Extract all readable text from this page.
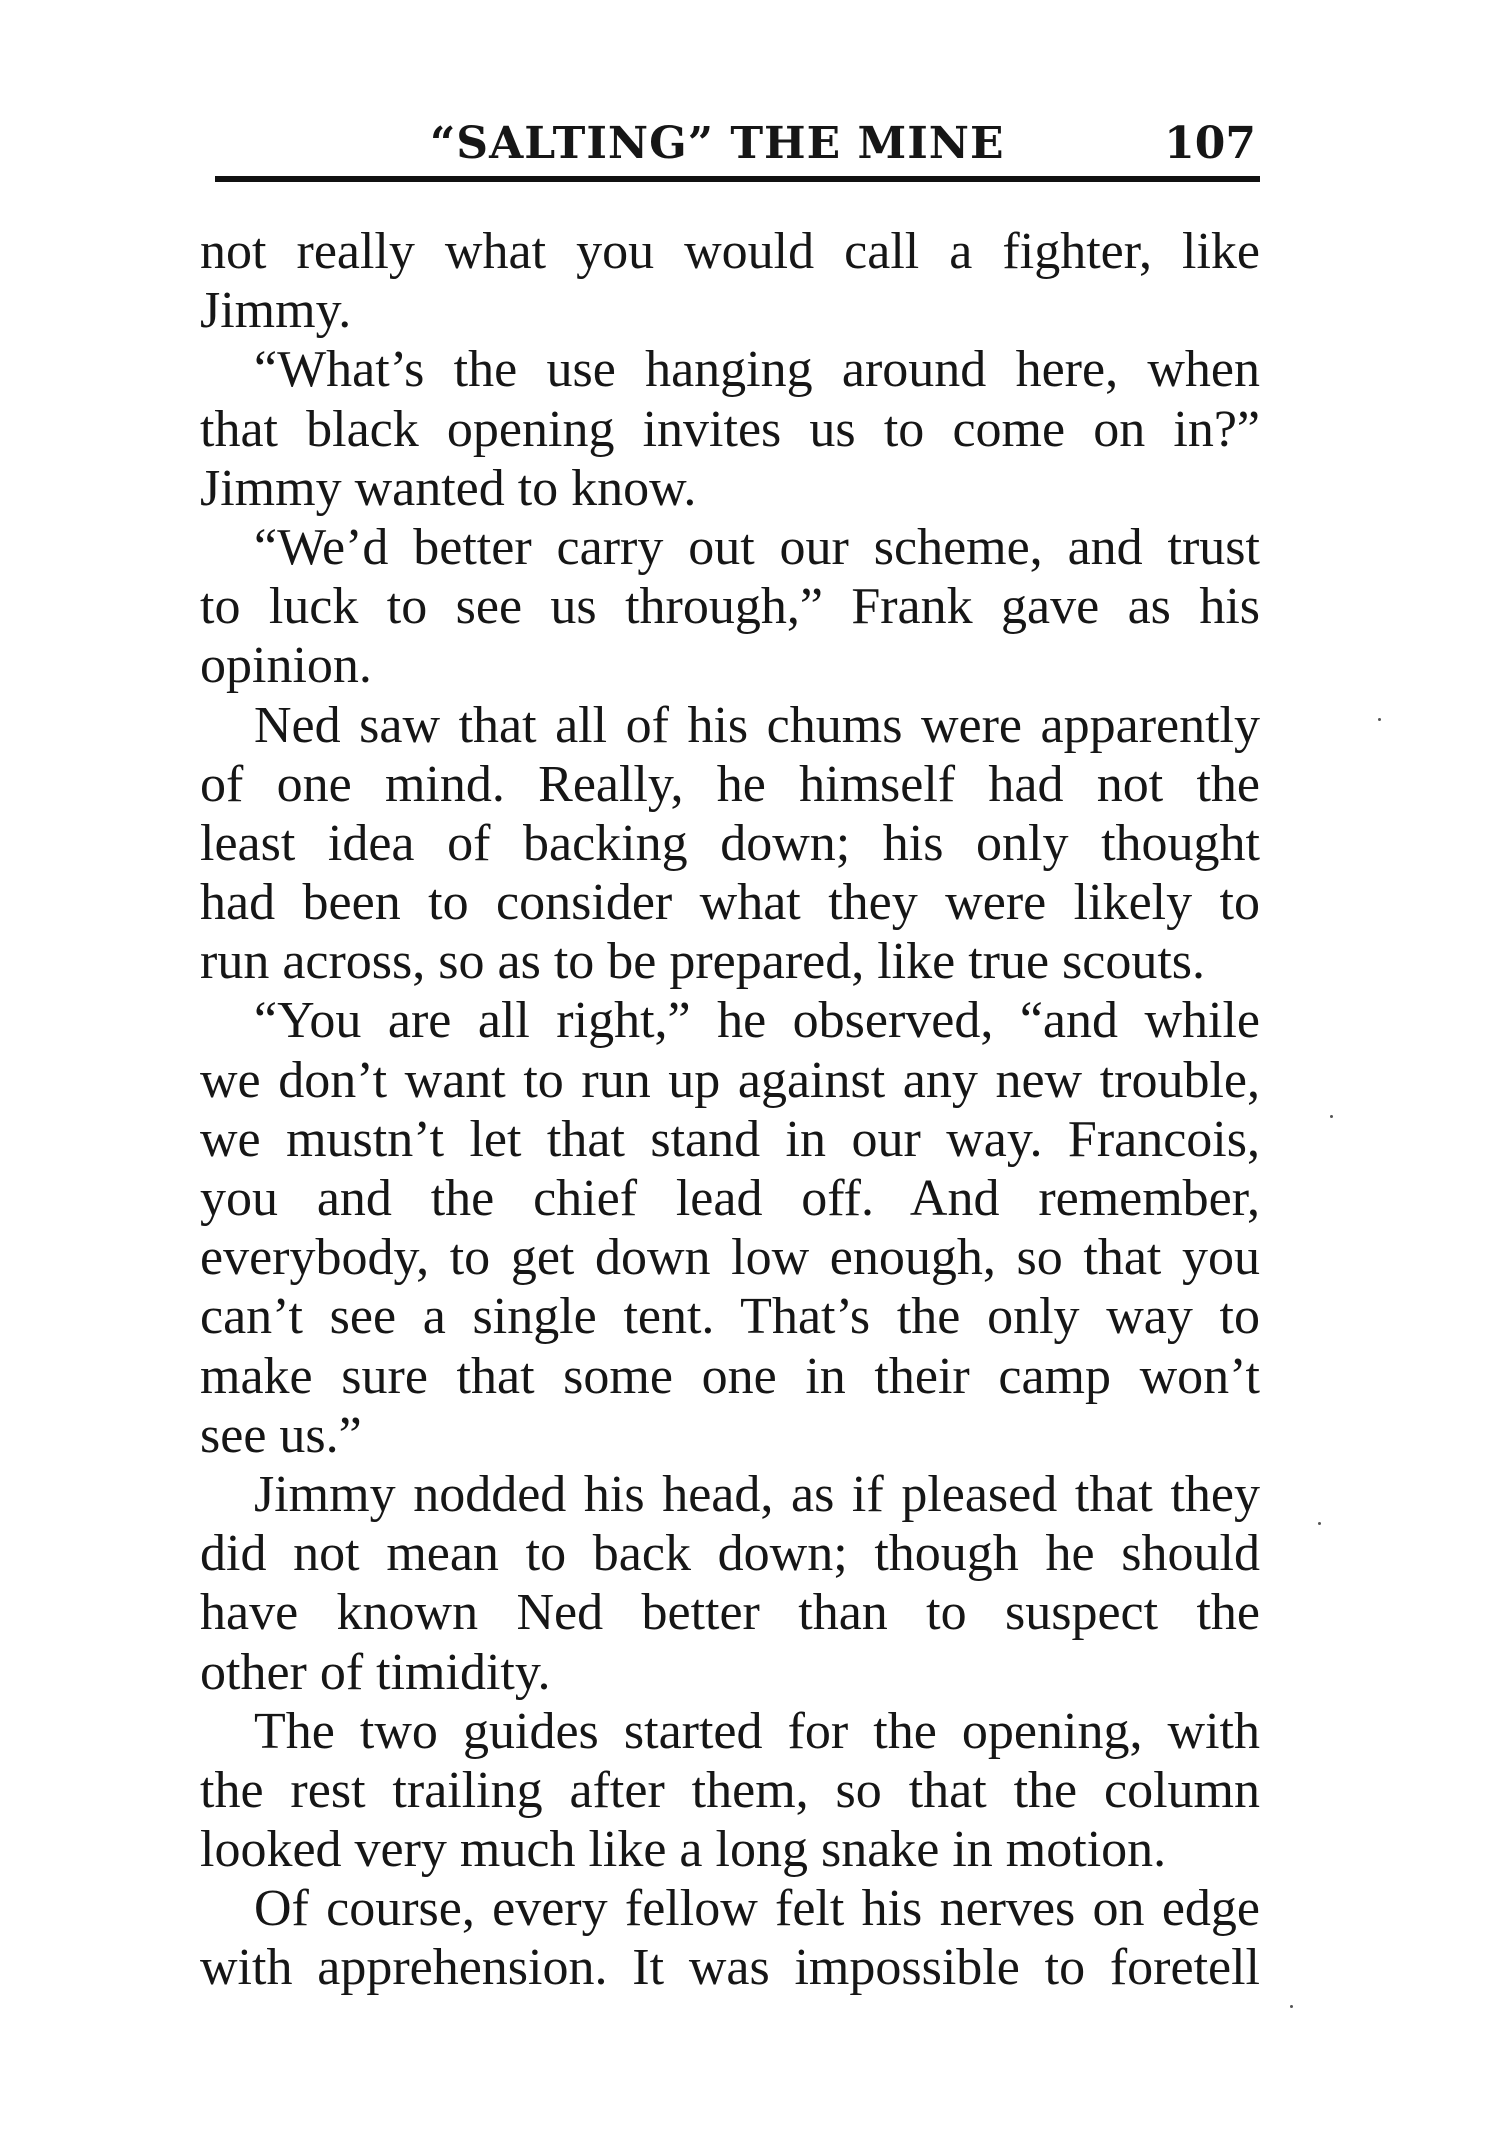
“SALTING” THE MINE	107
not really what you would call a fighter, like
Jimmy.
“What’s the use hanging around here, when
that black opening invites us to come on in?”
Jimmy wanted to know.
“We’d better carry out our scheme, and trust
to luck to see us through,” Frank gave as his
opinion.
Ned saw that all of his chums were apparently
of one mind. Really, he himself had not the
least idea of backing down; his only thought
had been to consider what they were likely to
run across, so as to be prepared, like true scouts.
“You are all right,” he observed, “and while
we don’t want to run up against any new trouble,
we mustn’t let that stand in our way. Francois,
you and the chief lead off. And remember,
everybody, to get down low enough, so that you
can’t see a single tent. That’s the only way to
make sure that some one in their camp won’t
see us.”
Jimmy nodded his head, as if pleased that they
did not mean to back down; though he should
have known Ned better than to suspect the
other of timidity.
The two guides started for the opening, with
the rest trailing after them, so that the column
looked very much like a long snake in motion.
Of course, every fellow felt his nerves on edge
with apprehension. It was impossible to foretell
